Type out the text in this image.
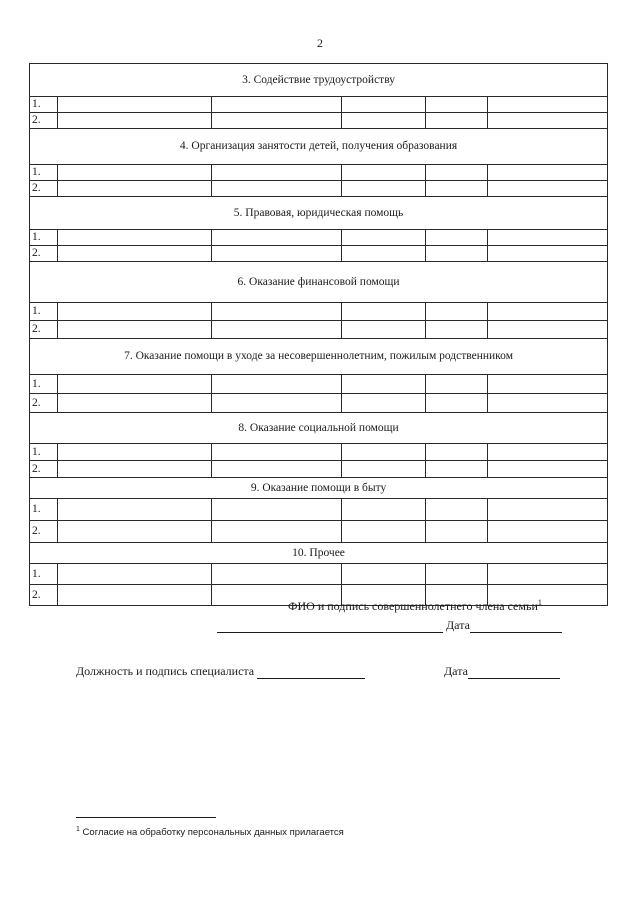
2
3. Содействие трудоустройству					
1.					
2.					
4. Организация занятости детей, получения образования					
1.					
2.					
5. Правовая, юридическая помощь					
1.					
2.					
6. Оказание финансовой помощи					
1.					
2.					
7. Оказание помощи в уходе за несовершеннолетним, пожилым родственником					
1.					
2.					
8. Оказание социальной помощи					
1.					
2.					
9. Оказание помощи в быту					
1.					
2.					
10. Прочее					
1.					
2.					
ФИО и подпись совершеннолетнего члена семьи$^1$
Дата
Должность и подпись специалиста	Дата
$^1$ Согласие на обработку персональных данных прилагается
